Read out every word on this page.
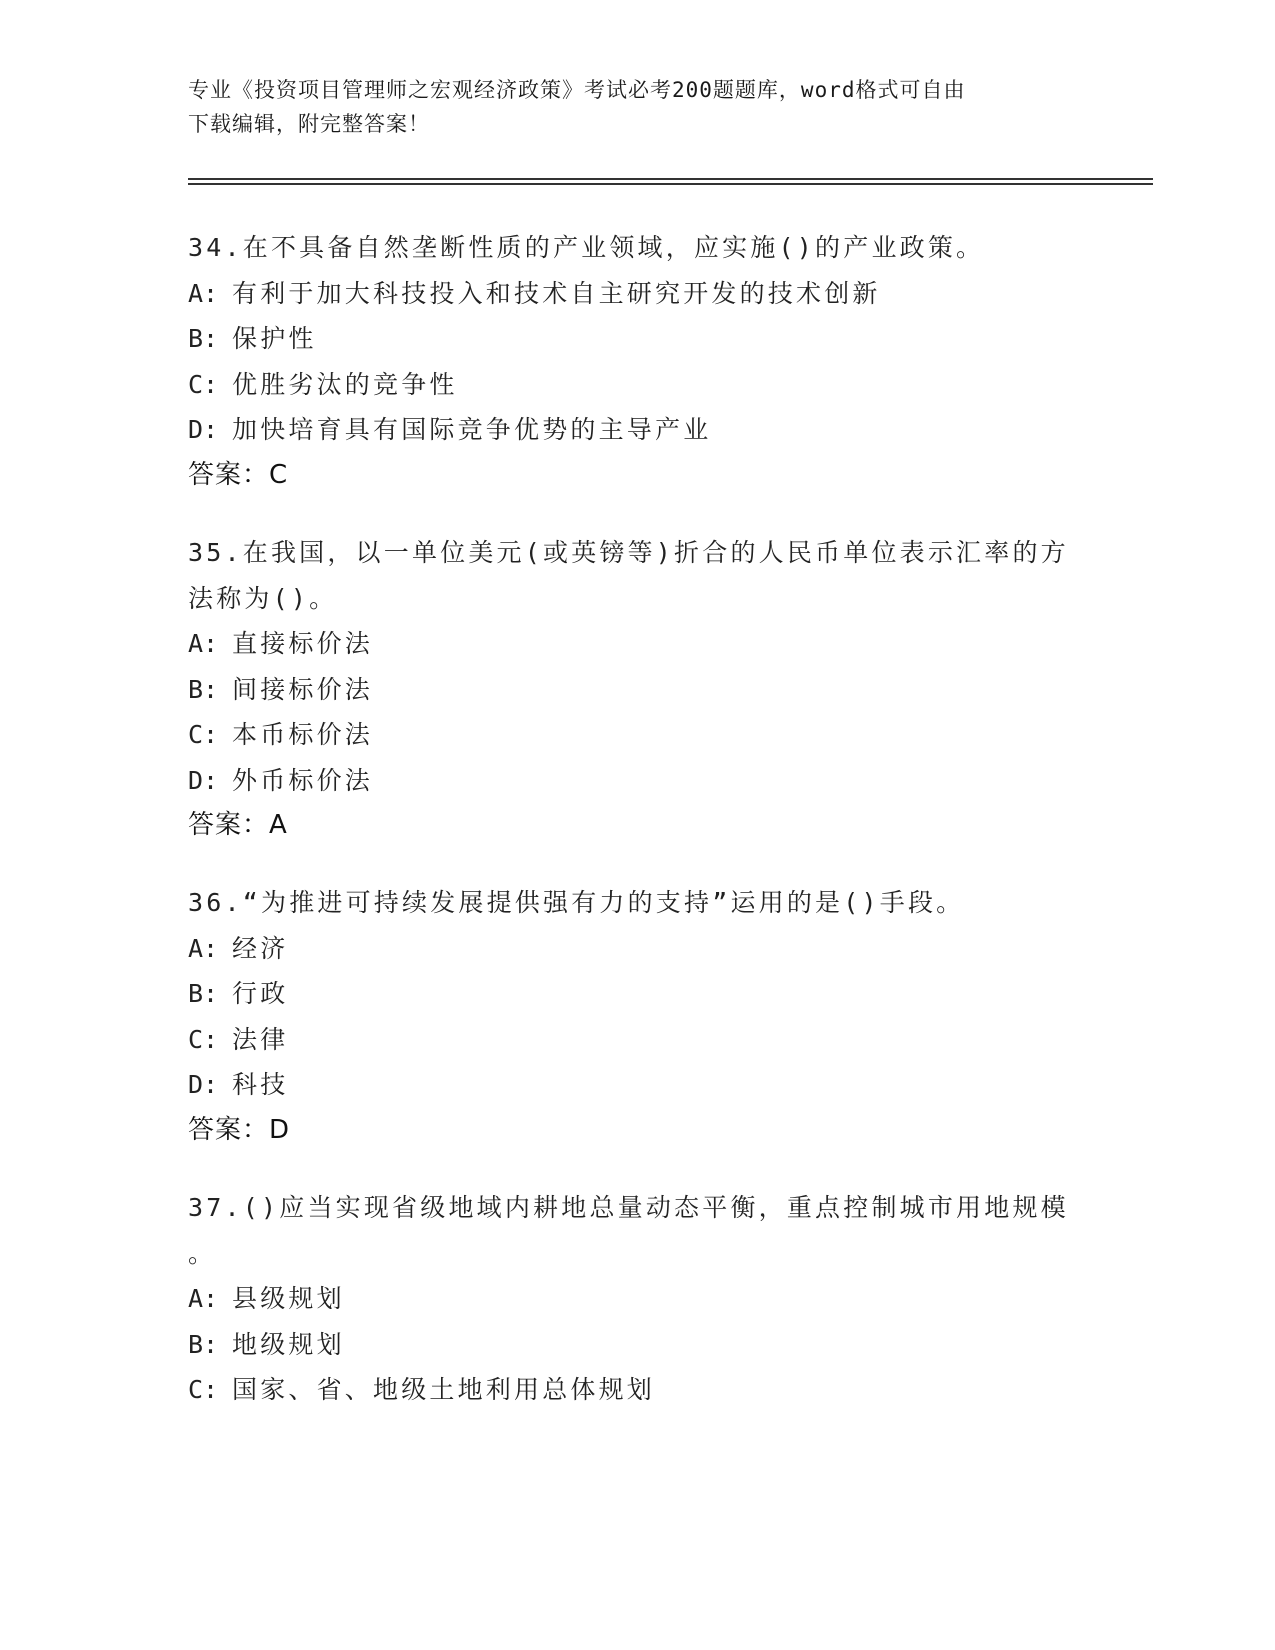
专业《投资项目管理师之宏观经济政策》考试必考200题题库，word格式可自由
下载编辑，附完整答案！
34.在不具备自然垄断性质的产业领域，应实施()的产业政策。
A: 有利于加大科技投入和技术自主研究开发的技术创新
B: 保护性
C: 优胜劣汰的竞争性
D: 加快培育具有国际竞争优势的主导产业
答案：C
35.在我国，以一单位美元(或英镑等)折合的人民币单位表示汇率的方
法称为()。
A: 直接标价法
B: 间接标价法
C: 本币标价法
D: 外币标价法
答案：A
36.“为推进可持续发展提供强有力的支持”运用的是()手段。
A: 经济
B: 行政
C: 法律
D: 科技
答案：D
37.()应当实现省级地域内耕地总量动态平衡，重点控制城市用地规模
。
A: 县级规划
B: 地级规划
C: 国家、省、地级土地利用总体规划
